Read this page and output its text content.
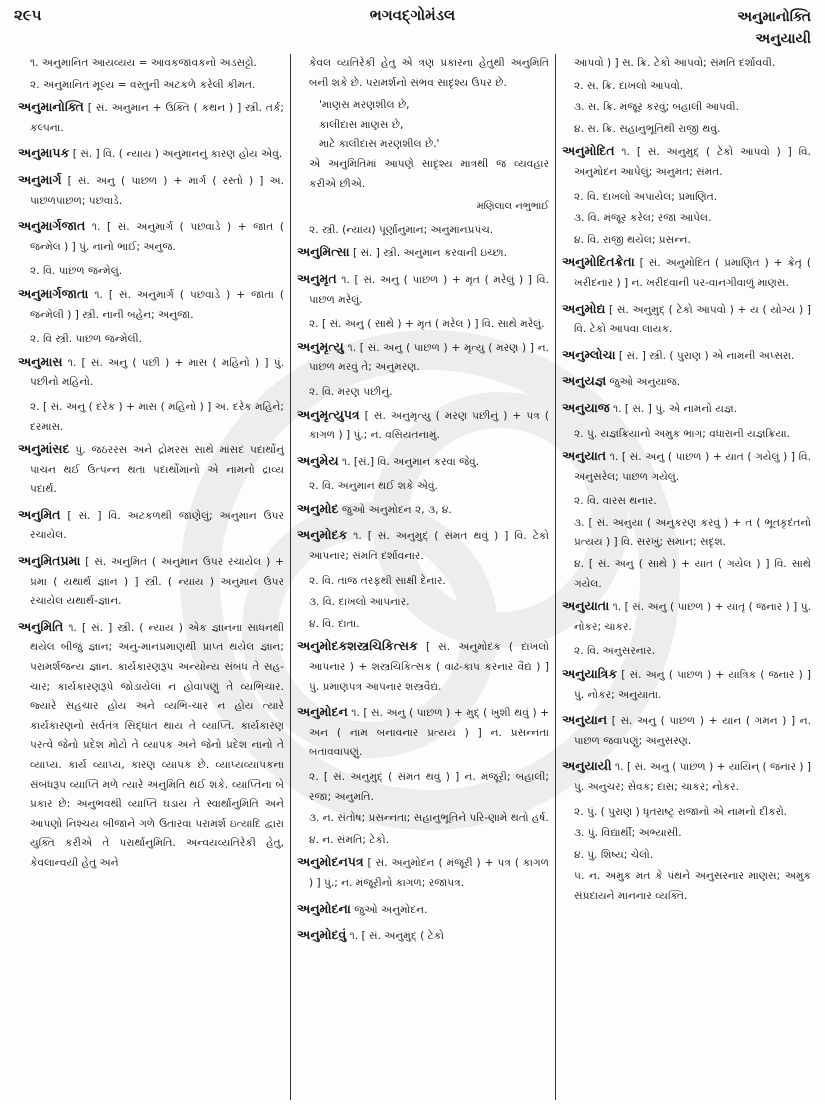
૨૯૫	ભગવદ્ગોમંડલ	અનુમાનોક્તિ
અનુયાયી
૧. અનુમાનિત આયવ્યય = આવકજાવકનો અડસટ્ટો.
૨. અનુમાનિત મૂલ્ય = વસ્તુની અટકળે કરેલી કીમત.
અનુમાનોક્તિ [ સં. અનુમાન + ઉક્તિ ( કથન ) ] સ્ત્રી. તર્ક; કલ્પના.
અનુમાપક [ સં. ] વિ. ( ન્યાય ) અનુમાનનું કારણ હોય એવું.
અનુમાર્ગ [ સં. અનુ ( પાછળ ) + માર્ગ ( રસ્તો ) ] અ. પાછળપાછળ; પછવાડે.
અનુમાર્ગજાત ૧. [ સં. અનુમાર્ગ ( પછવાડે ) + જાત ( જન્મેલ ) ] પું. નાનો ભાઈ; અનુજ.
૨. વિ. પાછળ જન્મેલું.
અનુમાર્ગજાતા ૧. [ સં. અનુમાર્ગ ( પછવાડે ) + જાતા ( જન્મેલી ) ] સ્ત્રી. નાની બહેન; અનુજા.
૨. વિ સ્ત્રી. પાછળ જન્મેલી.
અનુમાસ ૧. [ સં. અનુ ( પછી ) + માસ ( મહિનો ) ] પું. પછીનો મહિનો.
૨. [ સં. અનુ ( દરેક ) + માસ ( મહિનો ) ] અ. દરેક મહિને; દરમાસ.
અનુમાંસદ પું. જઠરરસ અને દ્રોમરસ સાથે માંસદ પદાર્થોનું પાચન થઈ ઉત્પન્ન થતા પદાર્થોમાંનો એ નામનો દ્રાવ્ય પદાર્થ.
અનુમિત [ સં. ] વિ. અટકળથી જાણેલું; અનુમાન ઉપર રચાયેલ.
અનુમિતપ્રમા [ સં. અનુમિત ( અનુમાન ઉપર રચાયેલ ) + પ્રમા ( યથાર્થ જ્ઞાન ) ] સ્ત્રી. ( ન્યાય ) અનુમાન ઉપર રચાયેલ યથાર્થ-જ્ઞાન.
અનુમિતિ ૧. [ સં. ] સ્ત્રી. ( ન્યાય ) એક જ્ઞાનના સાધનથી થયેલ બીજું જ્ઞાન; અનુ-માનપ્રમાણથી પ્રાપ્ત થયેલ જ્ઞાન; પરામર્શજન્ય જ્ઞાન. કાર્યકારણરૂપ અન્યોન્ય સંબંધ તે સહ-ચાર; કાર્યકારણરૂપે જોડાયેલાં ન હોવાપણું તે વ્યભિચાર. જ્યારે સહચાર હોય અને વ્યભિ-ચાર ન હોય ત્યારે કાર્યકારણનો સર્વતંત્ર સિદ્ધાંત થાય તે વ્યાપ્તિ. કાર્યકારણ પરત્વે જેનો પ્રદેશ મોટો તે વ્યાપક અને જેનો પ્રદેશ નાનો તે વ્યાપ્ય. કાર્ય વ્યાપ્ય, કારણ વ્યાપક છે. વ્યાપ્યવ્યાપકના સંબંધરૂપ વ્યાપ્તિ મળે ત્યારે અનુમિતિ થઈ શકે. વ્યાપ્તિના બે પ્રકાર છે: અનુભવથી વ્યાપ્તિ ઘડાય તે સ્વાર્થાનુમિતિ અને આપણો નિશ્ચય બીજાને ગળે ઉતારવા પરામર્શ ઇત્યાદિ દ્વારા યુક્તિ કરીએ તે પરાર્થાનુમિતિ. અન્વયવ્યતિરેકી હેતુ, કેવલાન્વયી હેતુ અને
કેવલ વ્યતિરેકી હેતુ એ ત્રણ પ્રકારના હેતુથી અનુમિતિ બની શકે છે. પરામર્શનો સંભવ સાદૃશ્ય ઉપર છે.
'માણસ મરણશીલ છે,
કાલીદાસ માણસ છે,
માટે કાલીદાસ મરણશીલ છે.'
એ અનુમિતિમાં આપણે સાદૃશ્ય માત્રથી જ વ્યવહાર કરીએ છીએ.
મણિલાલ નભુભાઈ
૨. સ્ત્રી. (ન્યાય) પૂર્ણાનુમાન; અનુમાનપ્રપંચ.
અનુમિત્સા [ સં. ] સ્ત્રી. અનુમાન કરવાની ઇચ્છા.
અનુમૃત ૧. [ સં. અનુ ( પાછળ ) + મૃત ( મરેલું ) ] વિ. પાછળ મરેલું.
૨. [ સં. અનુ ( સાથે ) + મૃત ( મરેલ ) ] વિ. સાથે મરેલું.
અનુમૃત્યુ ૧. [ સં. અનુ ( પાછળ ) + મૃત્યુ ( મરણ ) ] ન. પાછળ મરવું તે; અનુમરણ.
૨. વિ. મરણ પછીનું.
અનુમૃત્યુપત્ર [ સં. અનુમૃત્યુ ( મરણ પછીનું ) + પત્ર ( કાગળ ) ] પું.; ન. વસિયતનામું.
અનુમેય ૧. [સં.] વિ. અનુમાન કરવા જેવું.
૨. વિ. અનુમાન થઈ શકે એવું.
અનુમોદ જુઓ અનુમોદન ૨, ૩, ૪.
અનુમોદક ૧. [ સં. અનુમુદ્ ( સંમત થવું ) ] વિ. ટેકો આપનાર; સંમતિ દર્શાવનાર.
૨. વિ. તાજ તરફથી સાક્ષી દેનાર.
૩. વિ. દાખલો આપનાર.
૪. વિ. દાતા.
અનુમોદકશસ્ત્રચિકિત્સક [ સં. અનુમોદક ( દાખલો આપનાર ) + શસ્ત્રચિકિત્સક ( વાઢ-કાપ કરનાર વૈદ્ય ) ] પું. પ્રમાણપત્ર આપનાર શસ્ત્રવૈદ્ય.
અનુમોદન ૧. [ સં. અનુ ( પાછળ ) + મુદ્ ( ખુશી થવું ) + અન ( નામ બનાવનાર પ્રત્યય ) ] ન. પ્રસન્નતા બતાવવાપણું.
૨. [ સં. અનુમુદ્ ( સંમત થવું ) ] ન. મંજૂરી; બહાલી; રજા; અનુમતિ.
૩. ન. સંતોષ; પ્રસન્નતા; સહાનુભૂતિને પરિ-ણામે થતો હર્ષ.
૪. ન. સંમતિ; ટેકો.
અનુમોદનપત્ર [ સં. અનુમોદન ( મંજૂરી ) + પત્ર ( કાગળ ) ] પું.; ન. મંજૂરીનો કાગળ; રજાપત્ર.
અનુમોદના જુઓ અનુમોદન.
અનુમોદવું ૧. [ સં. અનુમુદ્ ( ટેકો
આપવો ) ] સ. ક્રિ. ટેકો આપવો; સંમતિ દર્શાવવી.
૨. સ. ક્રિ. દાખલો આપવો.
૩. સ. ક્રિ. મંજૂર કરવું; બહાલી આપવી.
૪. સ. ક્રિ. સહાનુભૂતિથી રાજી થવું.
અનુમોદિત ૧. [ સં. અનુમુદ્ ( ટેકો આપવો ) ] વિ. અનુમોદન આપેલું; અનુમત; સંમત.
૨. વિ. દાખલો અપાયેલ; પ્રમાણિત.
૩. વિ. મંજૂર કરેલ; રજા આપેલ.
૪. વિ. રાજી થયેલ; પ્રસન્ન.
અનુમોદિતક્રેતા [ સં. અનુમોદિત ( પ્રમાણિત ) + ક્રેતૃ ( ખરીદનાર ) ] ન. ખરીદવાની પર-વાનગીવાળું માણસ.
અનુમોદ્ય [ સં. અનુમુદ્ ( ટેકો આપવો ) + ય ( યોગ્ય ) ] વિ. ટેકો આપવા લાયક.
અનુમ્લોચા [ સં. ] સ્ત્રી. ( પુરાણ ) એ નામની અપ્સરા.
અનુયજ્ઞ જુઓ અનુયાજ.
અનુયાજ ૧. [ સં. ] પું. એ નામનો યજ્ઞ.
૨. પું. યજ્ઞક્રિયાનો અમુક ભાગ; વધારાની યજ્ઞક્રિયા.
અનુયાત ૧. [ સં. અનુ ( પાછળ ) + યાત ( ગયેલું ) ] વિ. અનુસરેલ; પાછળ ગયેલું.
૨. વિ. વારસ થનાર.
૩. [ સં. અનુયા ( અનુકરણ કરવું ) + ત ( ભૂતકૃદંતનો પ્રત્યય ) ] વિ. સરખું; સમાન; સદૃશ.
૪. [ સં. અનુ ( સાથે ) + યાત ( ગયેલ ) ] વિ. સાથે ગયેલ.
અનુયાતા ૧. [ સં. અનુ ( પાછળ ) + યાતૃ ( જનાર ) ] પું. નોકર; ચાકર.
૨. વિ. અનુસરનાર.
અનુયાત્રિક [ સં. અનુ ( પાછળ ) + યાત્રિક ( જનાર ) ] પું. નોકર; અનુયાતા.
અનુયાન [ સં. અનુ ( પાછળ ) + યાન ( ગમન ) ] ન. પાછળ જવાપણું; અનુસરણ.
અનુયાયી ૧. [ સં. અનુ ( પાછળ ) + યાયિન્ ( જનાર ) ] પું. અનુચર; સેવક; દાસ; ચાકર; નોકર.
૨. પું. ( પુરાણ ) ધૃતરાષ્ટ્ર રાજાનો એ નામનો દીકરો.
૩. પું. વિદ્યાર્થી; અભ્યાસી.
૪. પું. શિષ્ય; ચેલો.
૫. ન. અમુક મત કે પંથને અનુસરનાર માણસ; અમુક સંપ્રદાયને માનનાર વ્યક્તિ.
